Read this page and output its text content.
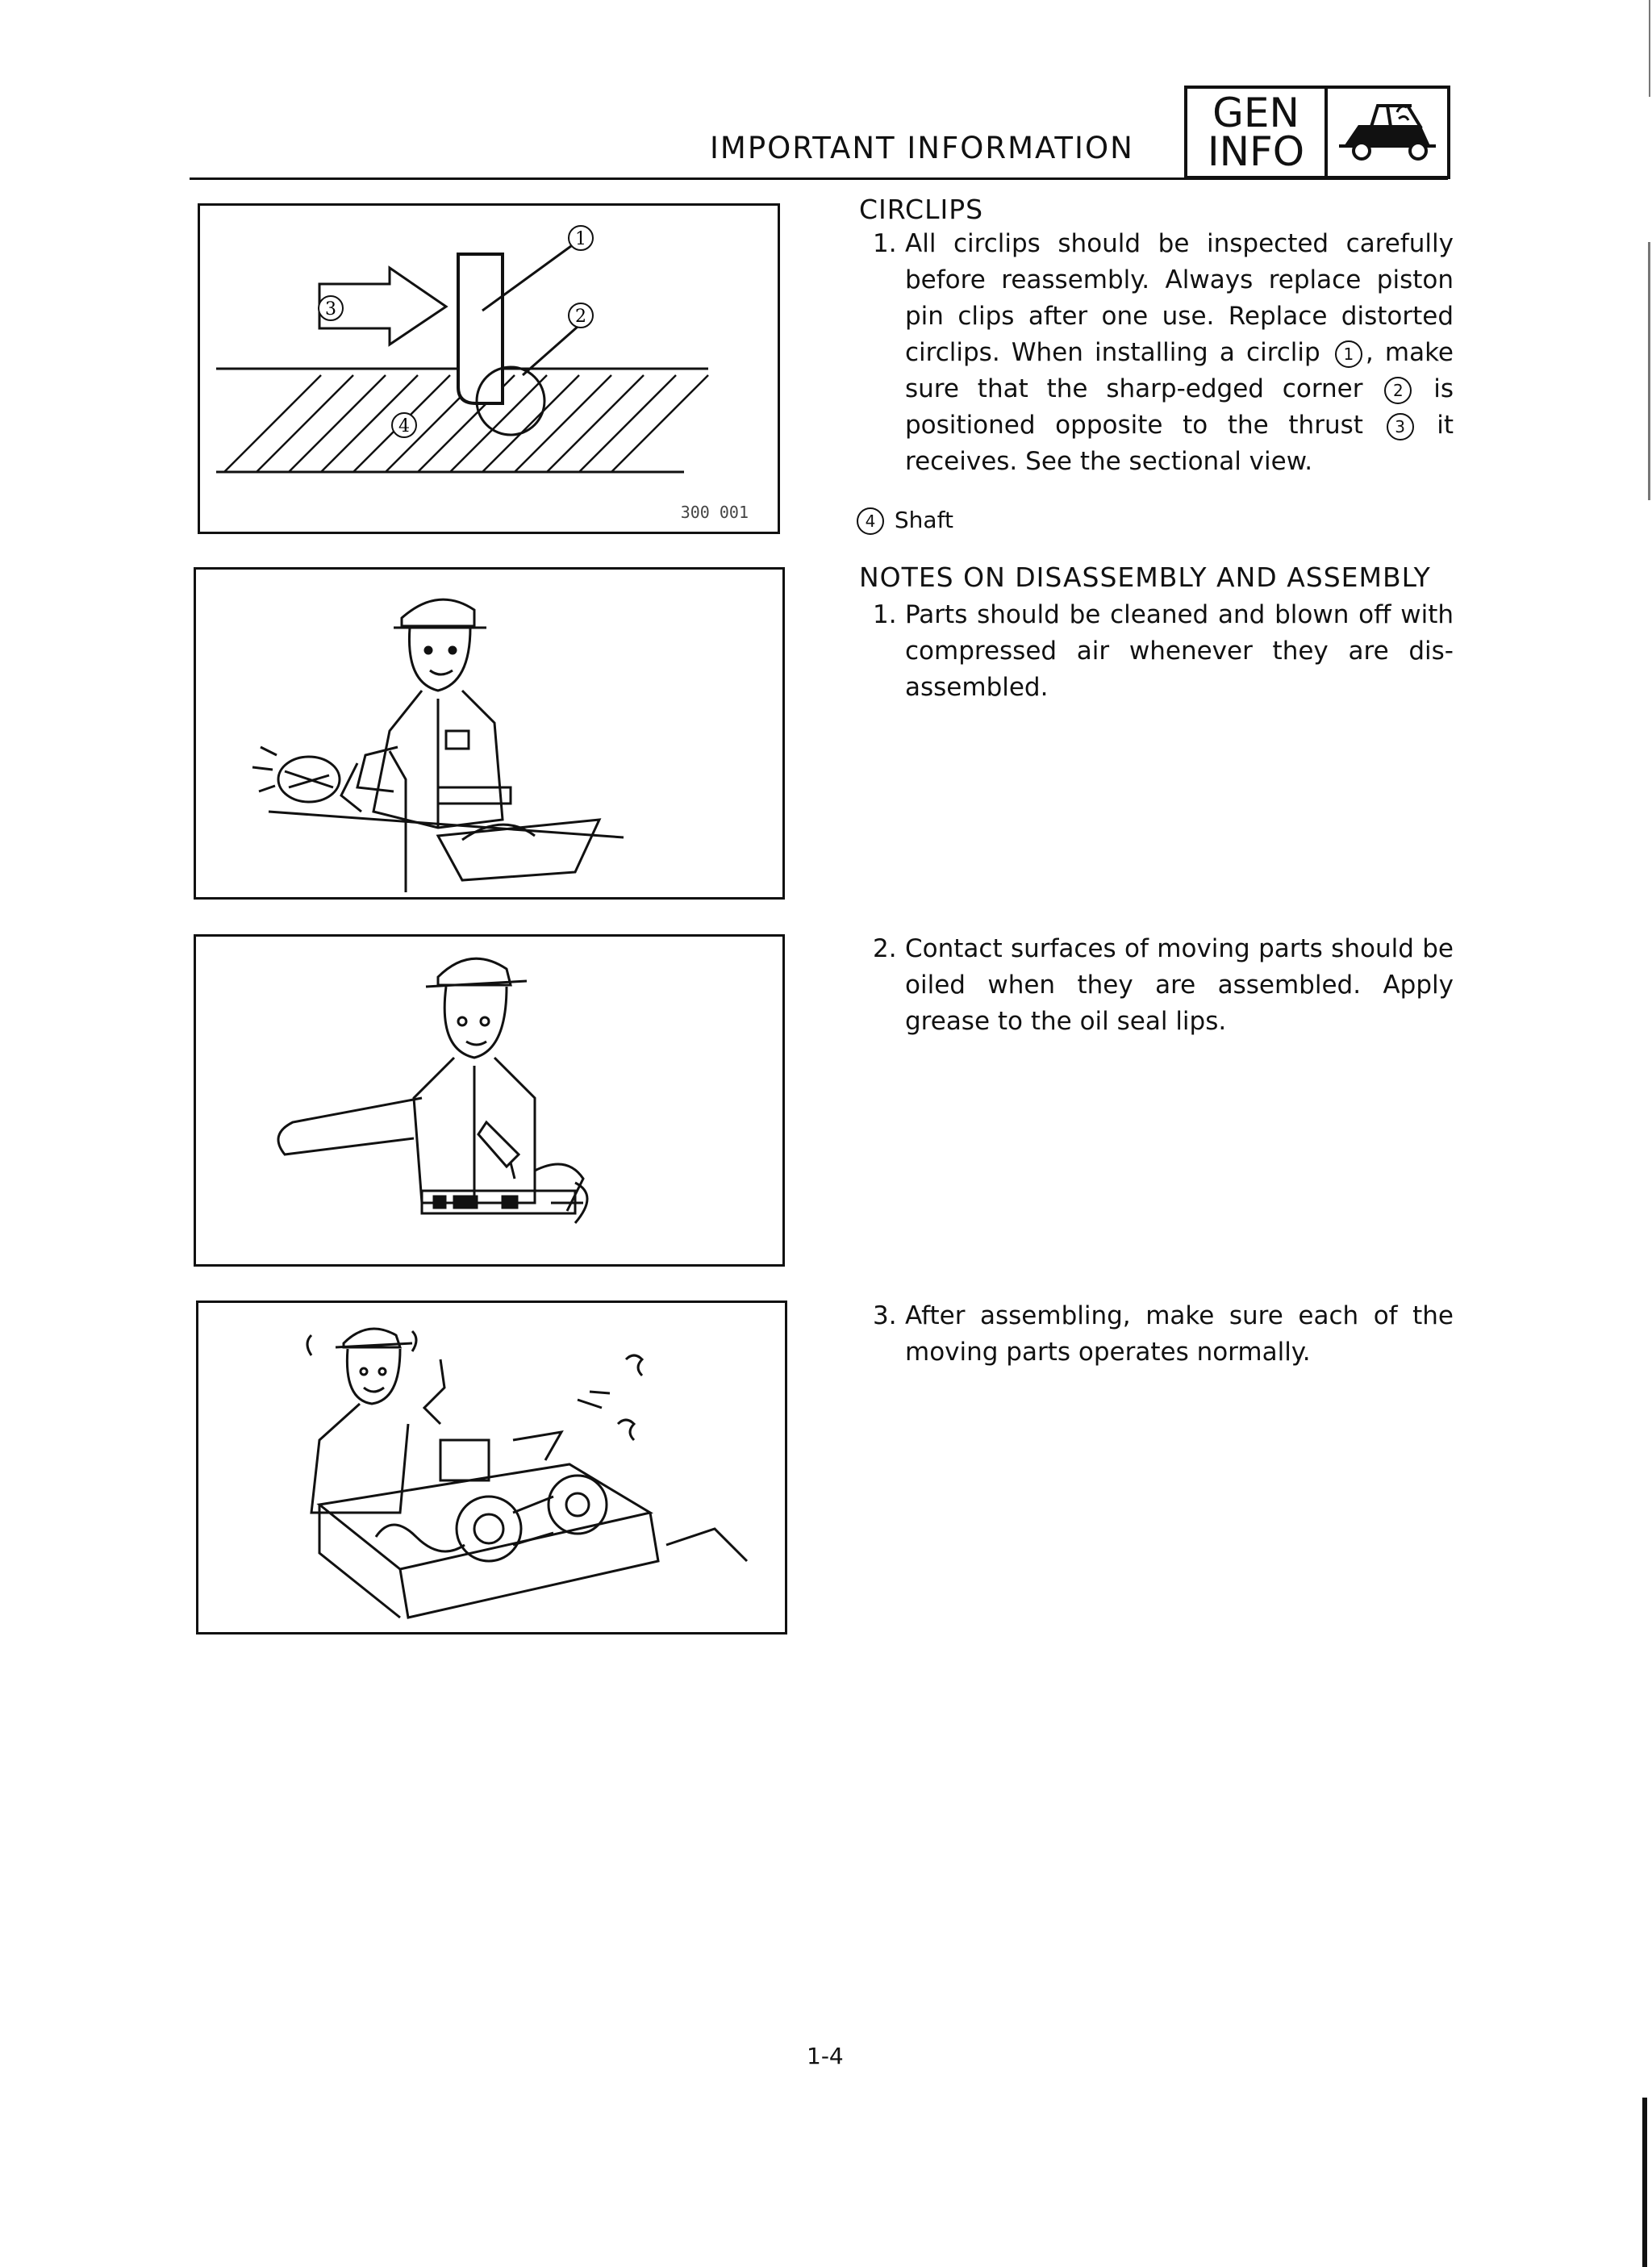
IMPORTANT INFORMATION
GEN
INFO
1
2
3
4
300 001
CIRCLIPS
1. All circlips should be inspected carefully before reassembly. Always replace piston pin clips after one use. Replace distorted circlips. When installing a circlip 1 , make sure that the sharp-edged corner 2 is positioned opposite to the thrust 3 it receives. See the sectional view.
4 Shaft
NOTES ON DISASSEMBLY AND ASSEMBLY
1. Parts should be cleaned and blown off with compressed air whenever they are dis-assembled.
2. Contact surfaces of moving parts should be oiled when they are assembled. Apply grease to the oil seal lips.
3. After assembling, make sure each of the moving parts operates normally.
1-4
